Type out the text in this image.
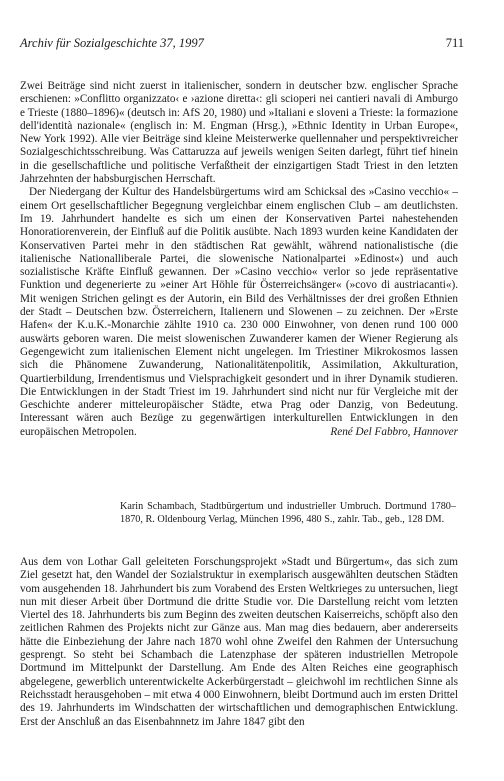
Archiv für Sozialgeschichte 37, 1997	711

Zwei Beiträge sind nicht zuerst in italienischer, sondern in deutscher bzw. englischer Sprache erschienen: »Conflitto organizzato‹ e ›azione diretta‹: gli scioperi nei cantieri navali di Amburgo e Trieste (1880–1896)« (deutsch in: AfS 20, 1980) und »Italiani e sloveni a Trieste: la formazione dell'identità nazionale« (englisch in: M. Engman (Hrsg.), »Ethnic Identity in Urban Europe«, New York 1992). Alle vier Beiträge sind kleine Meisterwerke quellennaher und perspektivreicher Sozialgeschichtsschreibung. Was Cattaruzza auf jeweils wenigen Seiten darlegt, führt tief hinein in die gesellschaftliche und politische Verfaßtheit der einzigartigen Stadt Triest in den letzten Jahrzehnten der habsburgischen Herrschaft.

Der Niedergang der Kultur des Handelsbürgertums wird am Schicksal des »Casino vecchio« – einem Ort gesellschaftlicher Begegnung vergleichbar einem englischen Club – am deutlichsten. Im 19. Jahrhundert handelte es sich um einen der Konservativen Partei nahestehenden Honoratiorenverein, der Einfluß auf die Politik ausübte. Nach 1893 wurden keine Kandidaten der Konservativen Partei mehr in den städtischen Rat gewählt, während nationalistische (die italienische Nationalliberale Partei, die slowenische Nationalpartei »Edinost«) und auch sozialistische Kräfte Einfluß gewannen. Der »Casino vecchio« verlor so jede repräsentative Funktion und degenerierte zu »einer Art Höhle für Österreichsänger« (»covo di austriacanti«). Mit wenigen Strichen gelingt es der Autorin, ein Bild des Verhältnisses der drei großen Ethnien der Stadt – Deutschen bzw. Österreichern, Italienern und Slowenen – zu zeichnen. Der »Erste Hafen« der K.u.K.-Monarchie zählte 1910 ca. 230 000 Einwohner, von denen rund 100 000 auswärts geboren waren. Die meist slowenischen Zuwanderer kamen der Wiener Regierung als Gegengewicht zum italienischen Element nicht ungelegen. Im Triestiner Mikrokosmos lassen sich die Phänomene Zuwanderung, Nationalitätenpolitik, Assimilation, Akkulturation, Quartierbildung, Irrendentismus und Vielsprachigkeit gesondert und in ihrer Dynamik studieren. Die Entwicklungen in der Stadt Triest im 19. Jahrhundert sind nicht nur für Vergleiche mit der Geschichte anderer mitteleuropäischer Städte, etwa Prag oder Danzig, von Bedeutung. Interessant wären auch Bezüge zu gegenwärtigen interkulturellen Entwicklungen in den europäischen Metropolen.	René Del Fabbro, Hannover

Karin Schambach, Stadtbürgertum und industrieller Umbruch. Dortmund 1780–1870, R. Oldenbourg Verlag, München 1996, 480 S., zahlr. Tab., geb., 128 DM.

Aus dem von Lothar Gall geleiteten Forschungsprojekt »Stadt und Bürgertum«, das sich zum Ziel gesetzt hat, den Wandel der Sozialstruktur in exemplarisch ausgewählten deutschen Städten vom ausgehenden 18. Jahrhundert bis zum Vorabend des Ersten Weltkrieges zu untersuchen, liegt nun mit dieser Arbeit über Dortmund die dritte Studie vor. Die Darstellung reicht vom letzten Viertel des 18. Jahrhunderts bis zum Beginn des zweiten deutschen Kaiserreichs, schöpft also den zeitlichen Rahmen des Projekts nicht zur Gänze aus. Man mag dies bedauern, aber andererseits hätte die Einbeziehung der Jahre nach 1870 wohl ohne Zweifel den Rahmen der Untersuchung gesprengt. So steht bei Schambach die Latenzphase der späteren industriellen Metropole Dortmund im Mittelpunkt der Darstellung. Am Ende des Alten Reiches eine geographisch abgelegene, gewerblich unterentwickelte Ackerbürgerstadt – gleichwohl im rechtlichen Sinne als Reichsstadt herausgehoben – mit etwa 4 000 Einwohnern, bleibt Dortmund auch im ersten Drittel des 19. Jahrhunderts im Windschatten der wirtschaftlichen und demographischen Entwicklung. Erst der Anschluß an das Eisenbahnnetz im Jahre 1847 gibt den
